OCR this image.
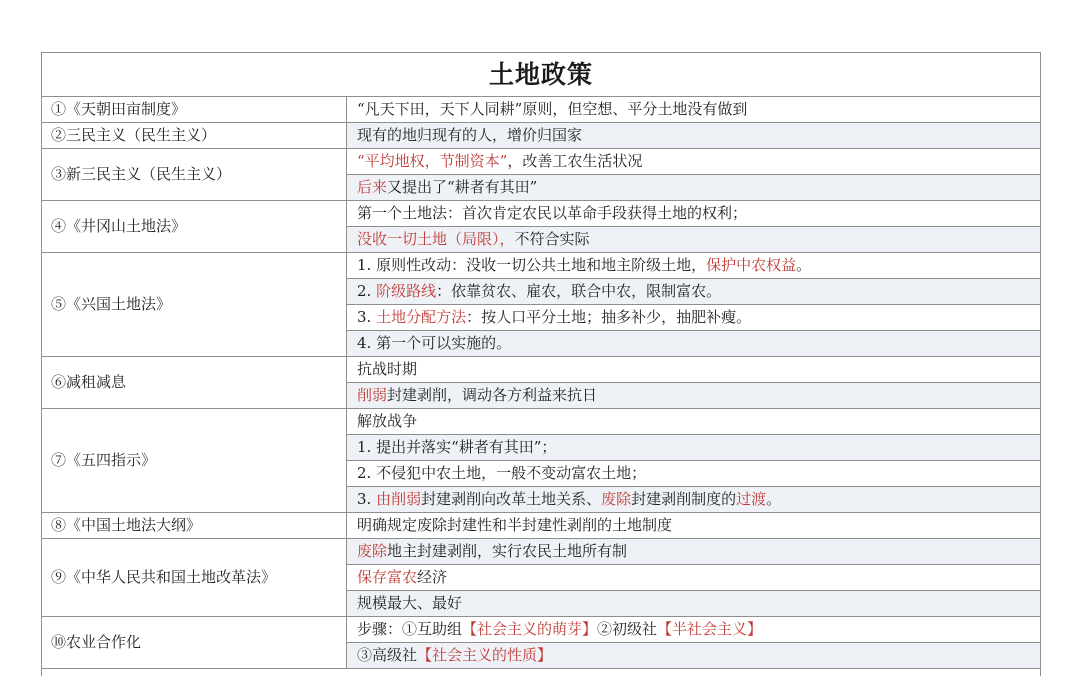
土地政策
①《天朝田亩制度》	“凡天下田，天下人同耕”原则，但空想、平分土地没有做到
②三民主义（民生主义）	现有的地归现有的人，增价归国家
③新三民主义（民生主义）	“平均地权，节制资本”，改善工农生活状况
	后来又提出了“耕者有其田”
④《井冈山土地法》	第一个土地法：首次肯定农民以革命手段获得土地的权利；
	没收一切土地（局限），不符合实际
⑤《兴国土地法》	1. 原则性改动：没收一切公共土地和地主阶级土地，保护中农权益。
	2. 阶级路线：依靠贫农、雇农，联合中农，限制富农。
	3. 土地分配方法：按人口平分土地；抽多补少，抽肥补瘦。
	4. 第一个可以实施的。
⑥减租减息	抗战时期
	削弱封建剥削，调动各方利益来抗日
⑦《五四指示》	解放战争
	1. 提出并落实“耕者有其田”；
	2. 不侵犯中农土地，一般不变动富农土地；
	3. 由削弱封建剥削向改革土地关系、废除封建剥削制度的过渡。
⑧《中国土地法大纲》	明确规定废除封建性和半封建性剥削的土地制度
⑨《中华人民共和国土地改革法》	废除地主封建剥削，实行农民土地所有制
	保存富农经济
	规模最大、最好
⑩农业合作化	步骤：①互助组【社会主义的萌芽】②初级社【半社会主义】
	③高级社【社会主义的性质】
